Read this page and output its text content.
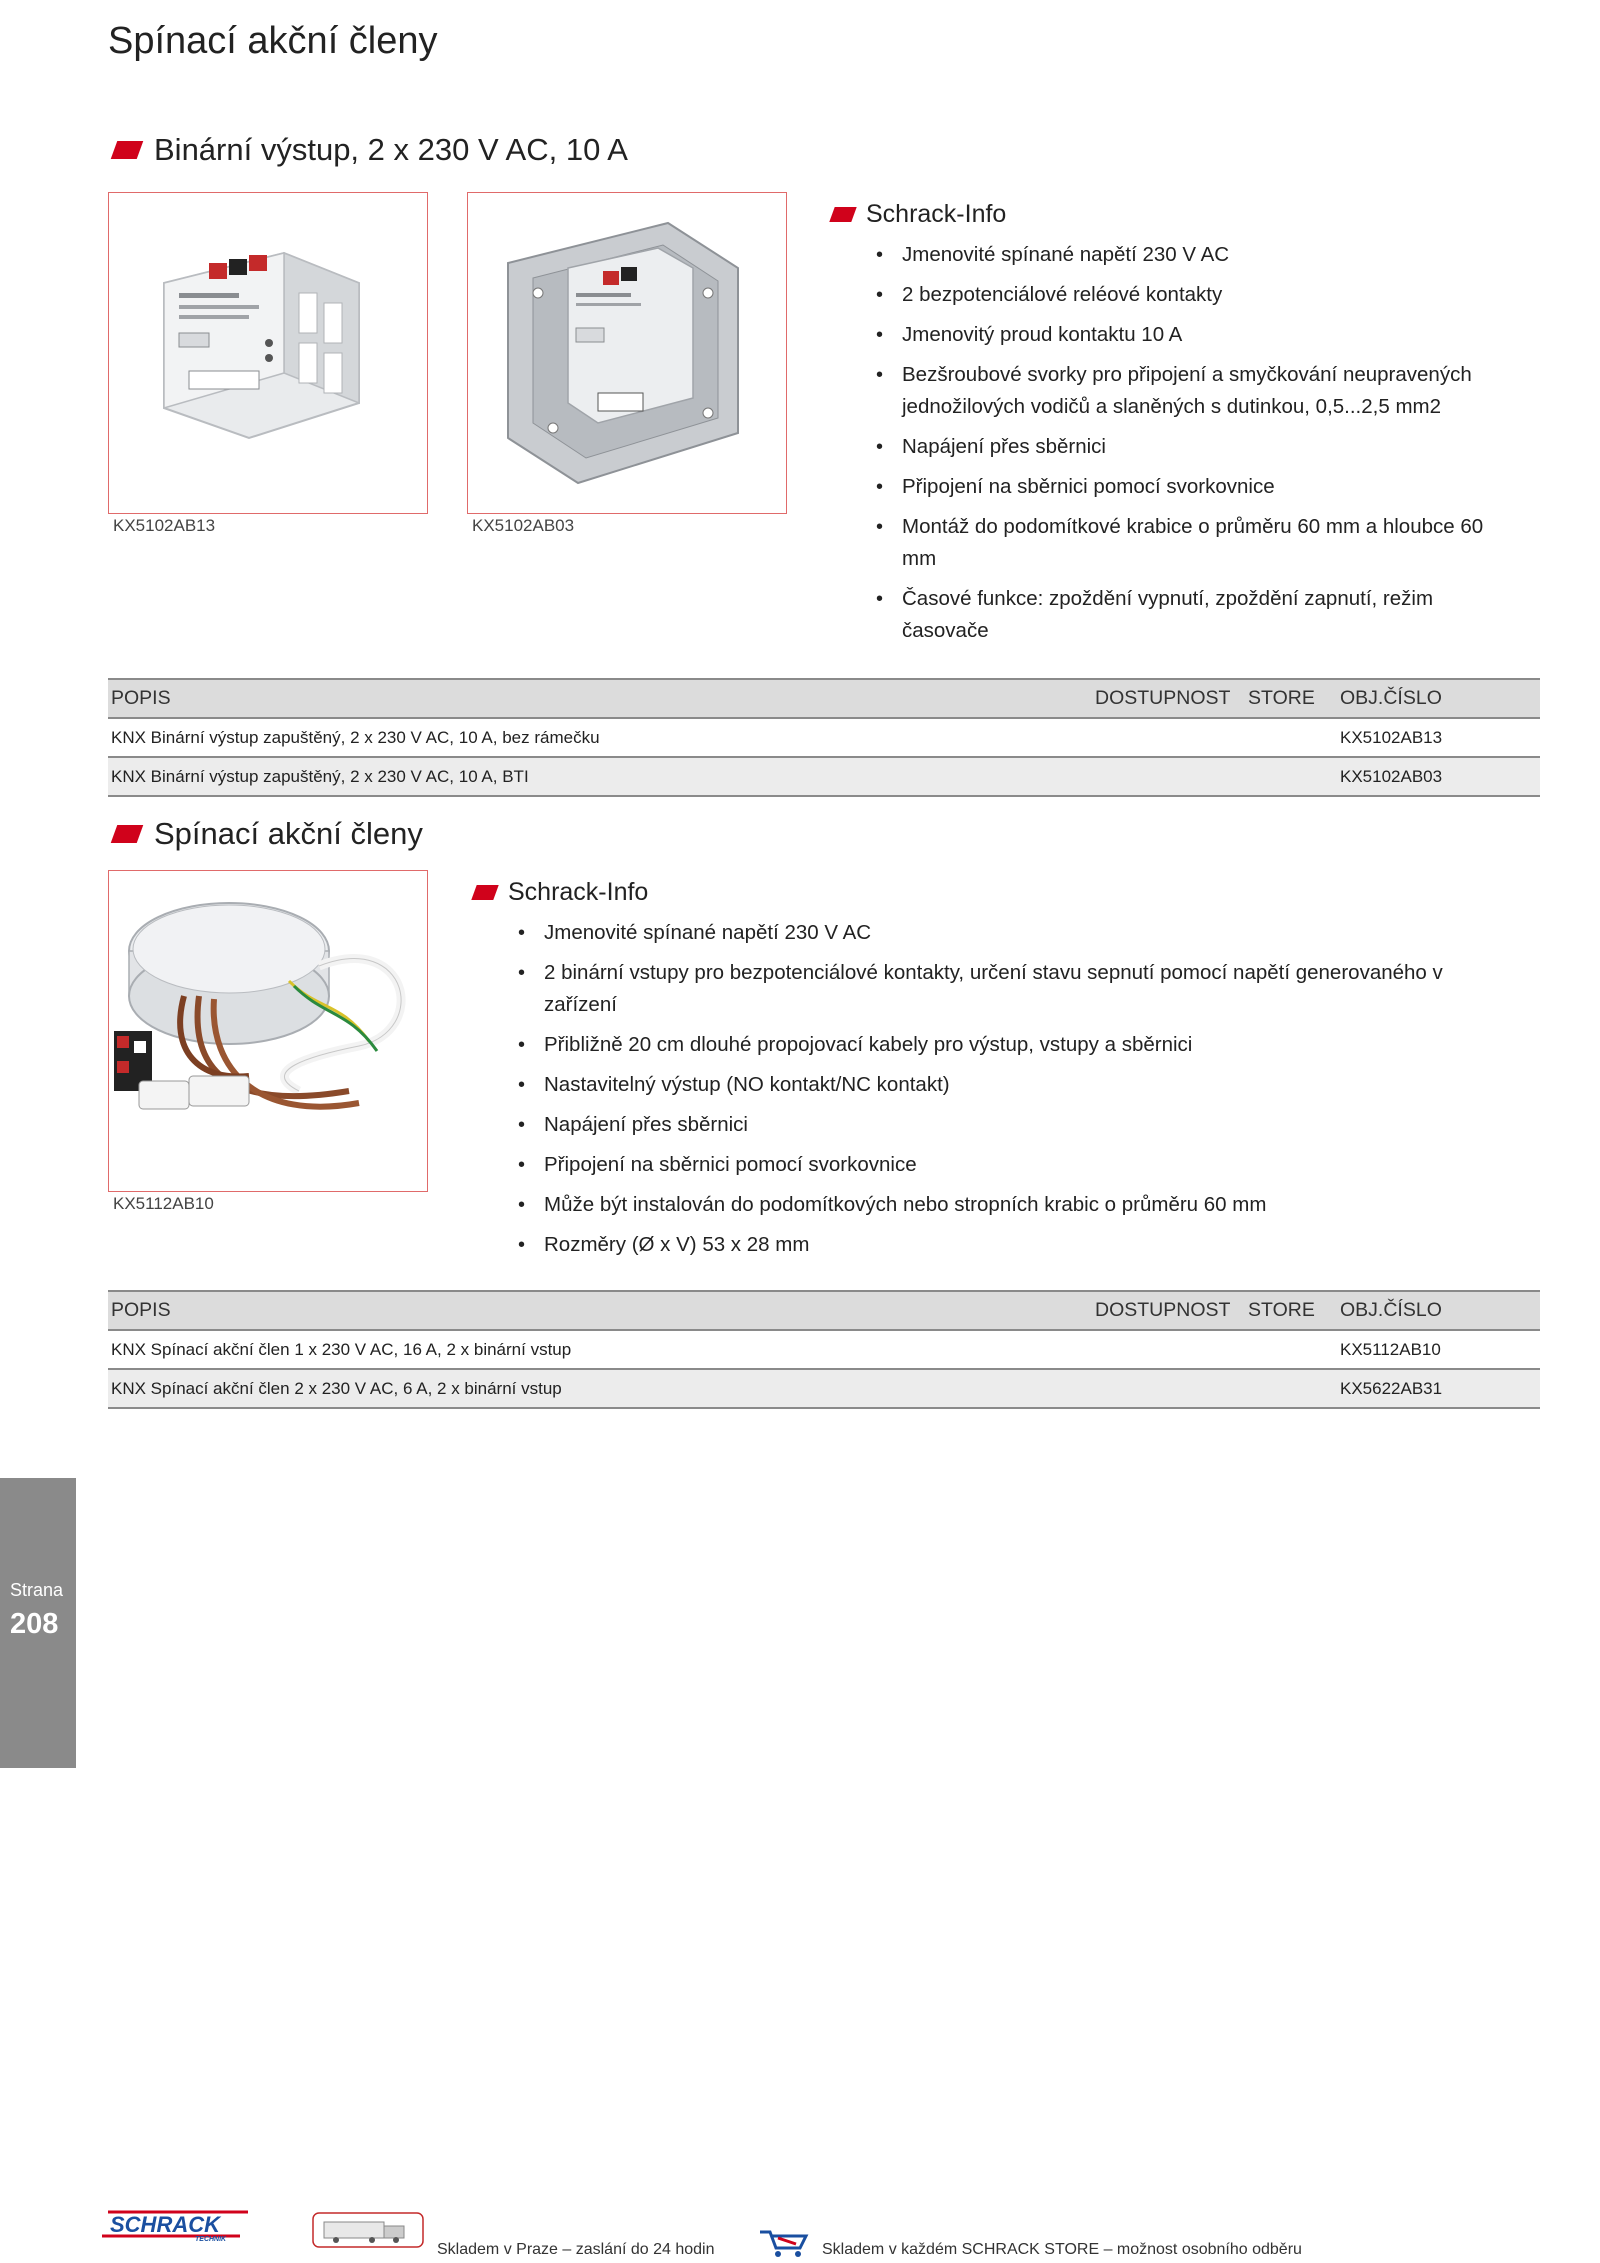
Spínací akční členy
Binární výstup, 2 x 230 V AC, 10 A
KX5102AB13	KX5102AB03
Schrack-Info
• Jmenovité spínané napětí 230 V AC
• 2 bezpotenciálové reléové kontakty
• Jmenovitý proud kontaktu 10 A
• Bezšroubové svorky pro připojení a smyčkování neupravených jednožilových vodičů a slaněných s dutinkou, 0,5...2,5 mm2
• Napájení přes sběrnici
• Připojení na sběrnici pomocí svorkovnice
• Montáž do podomítkové krabice o průměru 60 mm a hloubce 60 mm
• Časové funkce: zpoždění vypnutí, zpoždění zapnutí, režim časovače
POPIS	DOSTUPNOST STORE OBJ.ČÍSLO
KNX Binární výstup zapuštěný, 2 x 230 V AC, 10 A, bez rámečku	KX5102AB13
KNX Binární výstup zapuštěný, 2 x 230 V AC, 10 A, BTI	KX5102AB03
Spínací akční členy
KX5112AB10
Schrack-Info
• Jmenovité spínané napětí 230 V AC
• 2 binární vstupy pro bezpotenciálové kontakty, určení stavu sepnutí pomocí napětí generovaného v zařízení
• Přibližně 20 cm dlouhé propojovací kabely pro výstup, vstupy a sběrnici
• Nastavitelný výstup (NO kontakt/NC kontakt)
• Napájení přes sběrnici
• Připojení na sběrnici pomocí svorkovnice
• Může být instalován do podomítkových nebo stropních krabic o průměru 60 mm
• Rozměry (Ø x V) 53 x 28 mm
POPIS	DOSTUPNOST STORE OBJ.ČÍSLO
KNX Spínací akční člen 1 x 230 V AC, 16 A, 2 x binární vstup	KX5112AB10
KNX Spínací akční člen 2 x 230 V AC, 6 A, 2 x binární vstup	KX5622AB31
Strana
208
SCHRACK
TECHNIK
Skladem v Praze – zaslání do 24 hodin	Skladem v každém SCHRACK STORE – možnost osobního odběru
